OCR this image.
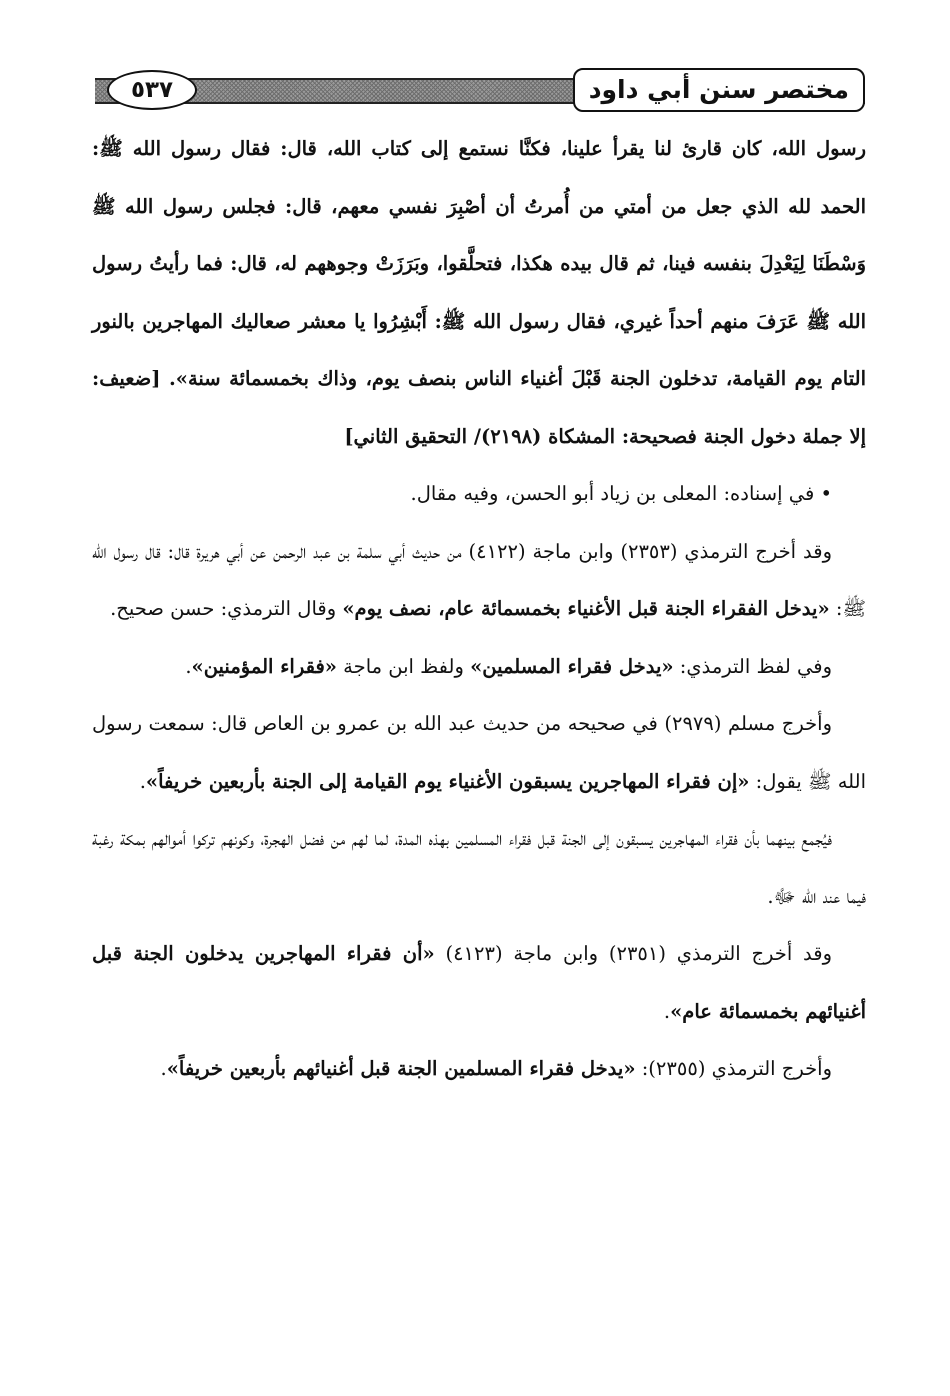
مختصر سنن أبي داود
٥٣٧

رسول الله، كان قارئ لنا يقرأ علينا، فكنَّا نستمع إلى كتاب الله، قال: فقال رسول الله ﷺ: الحمد لله الذي جعل من أمتي من أُمرتُ أن أصْبِرَ نفسي معهم، قال: فجلس رسول الله ﷺ وَسْطَنَا لِيَعْدِلَ بنفسه فينا، ثم قال بيده هكذا، فتحلَّقوا، وبَرَزَتْ وجوههم له، قال: فما رأيتُ رسول الله ﷺ عَرَفَ منهم أحداً غيري، فقال رسول الله ﷺ: أَبْشِرُوا يا معشر صعاليك المهاجرين بالنور التام يوم القيامة، تدخلون الجنة قَبْلَ أغنياء الناس بنصف يوم، وذاك بخمسمائة سنة». [ضعيف: إلا جملة دخول الجنة فصحيحة: المشكاة (٢١٩٨)/ التحقيق الثاني]

• في إسناده: المعلى بن زياد أبو الحسن، وفيه مقال.

وقد أخرج الترمذي (٢٣٥٣) وابن ماجة (٤١٢٢) من حديث أبي سلمة بن عبد الرحمن عن أبي هريرة قال: قال رسول الله ﷺ: «يدخل الفقراء الجنة قبل الأغنياء بخمسمائة عام، نصف يوم» وقال الترمذي: حسن صحيح.

وفي لفظ الترمذي: «يدخل فقراء المسلمين» ولفظ ابن ماجة «فقراء المؤمنين».

وأخرج مسلم (٢٩٧٩) في صحيحه من حديث عبد الله بن عمرو بن العاص قال: سمعت رسول الله ﷺ يقول: «إن فقراء المهاجرين يسبقون الأغنياء يوم القيامة إلى الجنة بأربعين خريفاً».

فيُجمع بينهما بأن فقراء المهاجرين يسبقون إلى الجنة قبل فقراء المسلمين بهذه المدة، لما لهم من فضل الهجرة، وكونهم تركوا أموالهم بمكة رغبة فيما عند الله ﷻ.

وقد أخرج الترمذي (٢٣٥١) وابن ماجة (٤١٢٣) «أن فقراء المهاجرين يدخلون الجنة قبل أغنيائهم بخمسمائة عام».

وأخرج الترمذي (٢٣٥٥): «يدخل فقراء المسلمين الجنة قبل أغنيائهم بأربعين خريفاً».
